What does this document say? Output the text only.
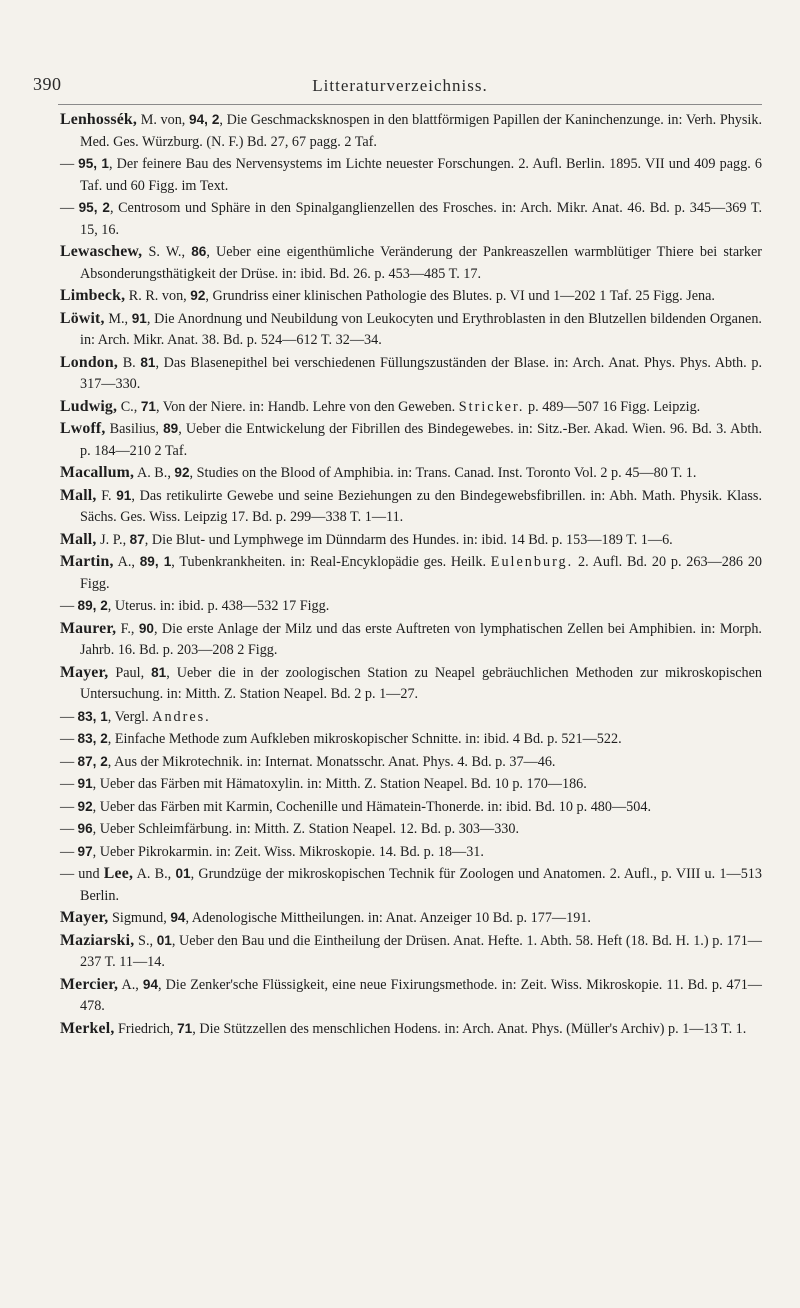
390	Litteraturverzeichniss.
Lenhossék, M. von, 94, 2, Die Geschmacksknospen in den blattförmigen Papillen der Kaninchenzunge. in: Verh. Physik. Med. Ges. Würzburg. (N. F.) Bd. 27, 67 pagg. 2 Taf.
— 95, 1, Der feinere Bau des Nervensystems im Lichte neuester Forschungen. 2. Aufl. Berlin. 1895. VII und 409 pagg. 6 Taf. und 60 Figg. im Text.
— 95, 2, Centrosom und Sphäre in den Spinalganglienzellen des Frosches. in: Arch. Mikr. Anat. 46. Bd. p. 345—369 T. 15, 16.
Lewaschew, S. W., 86, Ueber eine eigenthümliche Veränderung der Pankreaszellen warmblütiger Thiere bei starker Absonderungsthätigkeit der Drüse. in: ibid. Bd. 26. p. 453—485 T. 17.
Limbeck, R. R. von, 92, Grundriss einer klinischen Pathologie des Blutes. p. VI und 1—202 1 Taf. 25 Figg. Jena.
Löwit, M., 91, Die Anordnung und Neubildung von Leukocyten und Erythroblasten in den Blutzellen bildenden Organen. in: Arch. Mikr. Anat. 38. Bd. p. 524—612 T. 32—34.
London, B. 81, Das Blasenepithel bei verschiedenen Füllungszuständen der Blase. in: Arch. Anat. Phys. Phys. Abth. p. 317—330.
Ludwig, C., 71, Von der Niere. in: Handb. Lehre von den Geweben. Stricker. p. 489—507 16 Figg. Leipzig.
Lwoff, Basilius, 89, Ueber die Entwickelung der Fibrillen des Bindegewebes. in: Sitz.-Ber. Akad. Wien. 96. Bd. 3. Abth. p. 184—210 2 Taf.
Macallum, A. B., 92, Studies on the Blood of Amphibia. in: Trans. Canad. Inst. Toronto Vol. 2 p. 45—80 T. 1.
Mall, F. 91, Das retikulirte Gewebe und seine Beziehungen zu den Bindegewebsfibrillen. in: Abh. Math. Physik. Klass. Sächs. Ges. Wiss. Leipzig 17. Bd. p. 299—338 T. 1—11.
Mall, J. P., 87, Die Blut- und Lymphwege im Dünndarm des Hundes. in: ibid. 14 Bd. p. 153—189 T. 1—6.
Martin, A., 89, 1, Tubenkrankheiten. in: Real-Encyklopädie ges. Heilk. Eulenburg. 2. Aufl. Bd. 20 p. 263—286 20 Figg.
— 89, 2, Uterus. in: ibid. p. 438—532 17 Figg.
Maurer, F., 90, Die erste Anlage der Milz und das erste Auftreten von lymphatischen Zellen bei Amphibien. in: Morph. Jahrb. 16. Bd. p. 203—208 2 Figg.
Mayer, Paul, 81, Ueber die in der zoologischen Station zu Neapel gebräuchlichen Methoden zur mikroskopischen Untersuchung. in: Mitth. Z. Station Neapel. Bd. 2 p. 1—27.
— 83, 1, Vergl. Andres.
— 83, 2, Einfache Methode zum Aufkleben mikroskopischer Schnitte. in: ibid. 4 Bd. p. 521—522.
— 87, 2, Aus der Mikrotechnik. in: Internat. Monatsschr. Anat. Phys. 4. Bd. p. 37—46.
— 91, Ueber das Färben mit Hämatoxylin. in: Mitth. Z. Station Neapel. Bd. 10 p. 170—186.
— 92, Ueber das Färben mit Karmin, Cochenille und Hämatein-Thonerde. in: ibid. Bd. 10 p. 480—504.
— 96, Ueber Schleimfärbung. in: Mitth. Z. Station Neapel. 12. Bd. p. 303—330.
— 97, Ueber Pikrokarmin. in: Zeit. Wiss. Mikroskopie. 14. Bd. p. 18—31.
— und Lee, A. B., 01, Grundzüge der mikroskopischen Technik für Zoologen und Anatomen. 2. Aufl., p. VIII u. 1—513 Berlin.
Mayer, Sigmund, 94, Adenologische Mittheilungen. in: Anat. Anzeiger 10 Bd. p. 177—191.
Maziarski, S., 01, Ueber den Bau und die Eintheilung der Drüsen. Anat. Hefte. 1. Abth. 58. Heft (18. Bd. H. 1.) p. 171—237 T. 11—14.
Mercier, A., 94, Die Zenker'sche Flüssigkeit, eine neue Fixirungsmethode. in: Zeit. Wiss. Mikroskopie. 11. Bd. p. 471—478.
Merkel, Friedrich, 71, Die Stützzellen des menschlichen Hodens. in: Arch. Anat. Phys. (Müller's Archiv) p. 1—13 T. 1.
